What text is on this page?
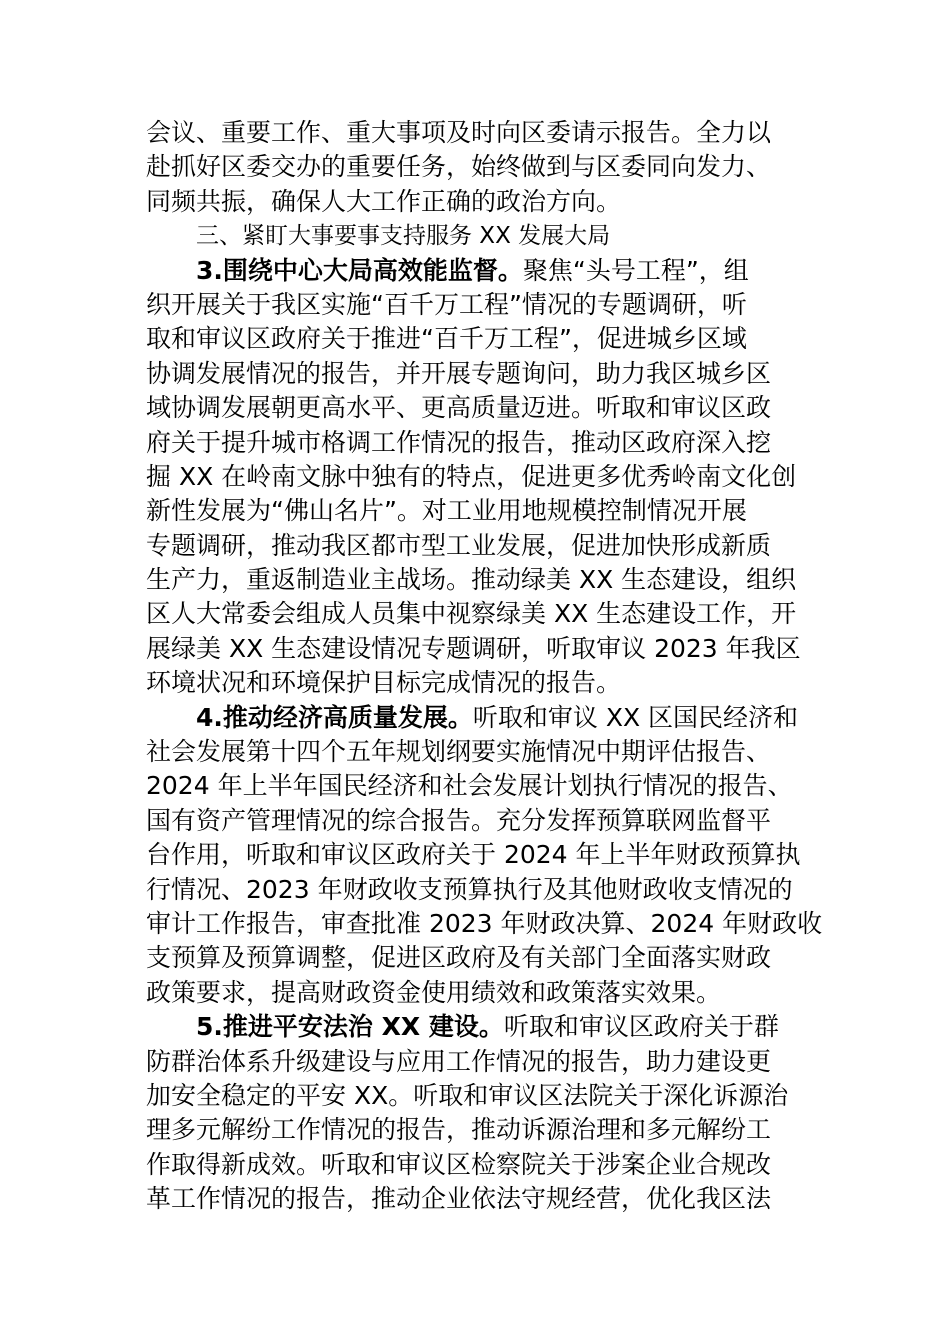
会议、重要工作、重大事项及时向区委请示报告。全力以
赴抓好区委交办的重要任务，始终做到与区委同向发力、
同频共振，确保人大工作正确的政治方向。
三、紧盯大事要事支持服务 XX 发展大局
3.围绕中心大局高效能监督。聚焦“头号工程”，组
织开展关于我区实施“百千万工程”情况的专题调研，听
取和审议区政府关于推进“百千万工程”，促进城乡区域
协调发展情况的报告，并开展专题询问，助力我区城乡区
域协调发展朝更高水平、更高质量迈进。听取和审议区政
府关于提升城市格调工作情况的报告，推动区政府深入挖
掘 XX 在岭南文脉中独有的特点，促进更多优秀岭南文化创
新性发展为“佛山名片”。对工业用地规模控制情况开展
专题调研，推动我区都市型工业发展，促进加快形成新质
生产力，重返制造业主战场。推动绿美 XX 生态建设，组织
区人大常委会组成人员集中视察绿美 XX 生态建设工作，开
展绿美 XX 生态建设情况专题调研，听取审议 2023 年我区
环境状况和环境保护目标完成情况的报告。
4.推动经济高质量发展。听取和审议 XX 区国民经济和
社会发展第十四个五年规划纲要实施情况中期评估报告、
2024 年上半年国民经济和社会发展计划执行情况的报告、
国有资产管理情况的综合报告。充分发挥预算联网监督平
台作用，听取和审议区政府关于 2024 年上半年财政预算执
行情况、2023 年财政收支预算执行及其他财政收支情况的
审计工作报告，审查批准 2023 年财政决算、2024 年财政收
支预算及预算调整，促进区政府及有关部门全面落实财政
政策要求，提高财政资金使用绩效和政策落实效果。
5.推进平安法治 XX 建设。听取和审议区政府关于群
防群治体系升级建设与应用工作情况的报告，助力建设更
加安全稳定的平安 XX。听取和审议区法院关于深化诉源治
理多元解纷工作情况的报告，推动诉源治理和多元解纷工
作取得新成效。听取和审议区检察院关于涉案企业合规改
革工作情况的报告，推动企业依法守规经营，优化我区法
